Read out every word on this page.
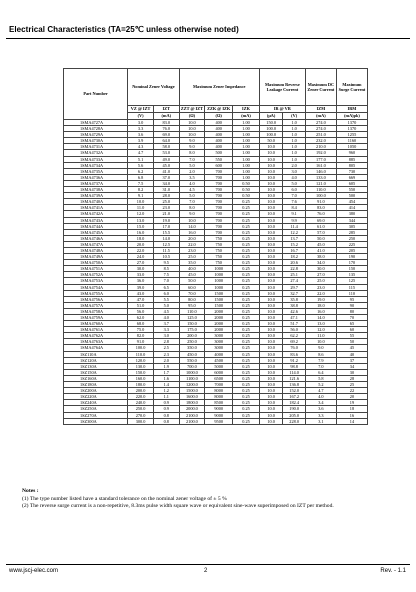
Electrical Characteristics (TA=25℃ unless otherwise noted)
Part Number	Nominal Zener Voltage		Maximum Zener Impedance			Maximum Reverse Leakage Current		Maximum DC Zener Current	Maximum Surge Current
	VZ @ IZT	IZT	ZZT @ IZT	ZZK @ IZK	IZK	IR @ VR		IZM	IRM
	(V)	(mA)	(Ω)	(Ω)	(mA)	(μA)	(V)	(mA)	(mA)pk)
1SMA4727A	3.0	83.0	10.0	400	1.00	150.0	1.0	274.0	1370
1SMA4728A	3.3	76.0	10.0	400	1.00	100.0	1.0	274.0	1370
1SMA4729A	3.6	69.0	10.0	400	1.00	100.0	1.0	251.0	1255
1SMA4730A	3.9	64.0	9.0	400	1.00	50.0	1.0	232.0	1160
1SMA4731A	4.3	58.0	9.0	400	1.00	10.0	1.0	210.0	1050
1SMA4732A	4.7	53.0	8.0	500	1.00	10.0	1.0	192.0	960
1SMA4733A	5.1	49.0	7.0	550	1.00	10.0	1.0	177.0	885
1SMA4734A	5.6	45.0	5.0	600	1.00	10.0	2.0	161.0	805
1SMA4735A	6.2	41.0	2.0	700	1.00	10.0	3.0	146.0	730
1SMA4736A	6.8	37.0	3.5	700	1.00	10.0	4.0	133.0	669
1SMA4737A	7.5	34.0	4.0	700	0.50	10.0	5.0	121.0	605
1SMA4738A	8.2	31.0	4.5	700	0.50	10.0	6.0	110.0	550
1SMA4739A	9.1	28.0	5.0	700	0.50	10.0	7.0	100.0	500
1SMA4740A	10.0	25.0	7.0	700	0.25	10.0	7.6	91.0	454
1SMA4741A	11.0	23.0	8.0	700	0.25	10.0	8.4	83.0	414
1SMA4742A	12.0	21.0	9.0	700	0.25	10.0	9.1	76.0	380
1SMA4743A	13.0	19.0	10.0	700	0.25	10.0	9.9	69.0	344
1SMA4744A	15.0	17.0	14.0	700	0.25	10.0	11.4	61.0	305
1SMA4745A	16.0	15.5	16.0	700	0.25	10.0	12.2	57.0	285
1SMA4746A	18.0	14.0	20.0	750	0.25	10.0	13.7	50.0	250
1SMA4747A	20.0	12.5	22.0	750	0.25	10.0	15.2	45.0	225
1SMA4748A	22.0	11.5	23.0	750	0.25	10.0	16.7	41.0	205
1SMA4749A	24.0	10.5	25.0	750	0.25	10.0	18.2	38.0	190
1SMA4750A	27.0	9.5	35.0	750	0.25	10.0	20.6	34.0	170
1SMA4751A	30.0	8.5	40.0	1000	0.25	10.0	22.8	30.0	150
1SMA4752A	33.0	7.5	45.0	1000	0.25	10.0	25.1	27.0	135
1SMA4753A	36.0	7.0	50.0	1000	0.25	10.0	27.4	25.0	125
1SMA4754A	39.0	6.5	60.0	1000	0.25	10.0	29.7	23.0	115
1SMA4755A	43.0	6.0	70.0	1500	0.25	10.0	32.7	22.0	110
1SMA4756A	47.0	5.5	80.0	1500	0.25	10.0	35.8	19.0	95
1SMA4757A	51.0	5.0	95.0	1500	0.25	10.0	38.8	18.0	90
1SMA4758A	56.0	4.5	110.0	2000	0.25	10.0	42.6	16.0	80
1SMA4759A	62.0	4.0	125.0	2000	0.25	10.0	47.1	14.0	70
1SMA4760A	68.0	3.7	150.0	2000	0.25	10.0	51.7	13.0	65
1SMA4761A	75.0	3.3	175.0	2000	0.25	10.0	56.0	12.0	60
1SMA4762A	82.0	3.0	200.0	3000	0.25	10.0	62.2	11.0	55
1SMA4763A	91.0	2.8	250.0	3000	0.25	10.0	69.2	10.0	50
1SMA4764A	100.0	2.5	350.0	3000	0.25	10.0	76.0	9.0	45
1SZ110A	110.0	2.3	450.0	4000	0.25	10.0	83.6	8.6	40
1SZ120A	120.0	2.0	550.0	4500	0.25	10.0	91.2	7.9	37
1SZ130A	130.0	1.9	700.0	5000	0.25	10.0	98.8	7.0	34
1SZ150A	150.0	1.7	1000.0	6000	0.25	10.0	114.0	6.4	30
1SZ160A	160.0	1.6	1100.0	6500	0.25	10.0	121.6	5.8	28
1SZ180A	180.0	1.4	1200.0	7000	0.25	10.0	136.8	5.2	25
1SZ200A	200.0	1.2	1500.0	8000	0.25	10.0	152.0	4.7	22
1SZ220A	220.0	1.1	1600.0	8000	0.25	10.0	167.2	4.0	20
1SZ240A	240.0	0.9	1800.0	8500	0.25	10.0	182.4	3.4	19
1SZ250A	250.0	0.9	2000.0	9000	0.25	10.0	190.0	3.6	18
1SZ270A	270.0	0.8	2100.0	9000	0.25	10.0	205.0	3.3	16
1SZ300A	300.0	0.8	2100.0	9500	0.25	10.0	228.0	3.1	14
Notes :
(1) The type number listed have a standard tolerance on the nominal zener voltage of ± 5 %
(2) The reverse surge current is a non-repetitive, 8.3ms pulse width square wave or equivalent sine-wave superimposed on IZT per method.
www.jscj-elec.com	2	Rev. - 1.1
